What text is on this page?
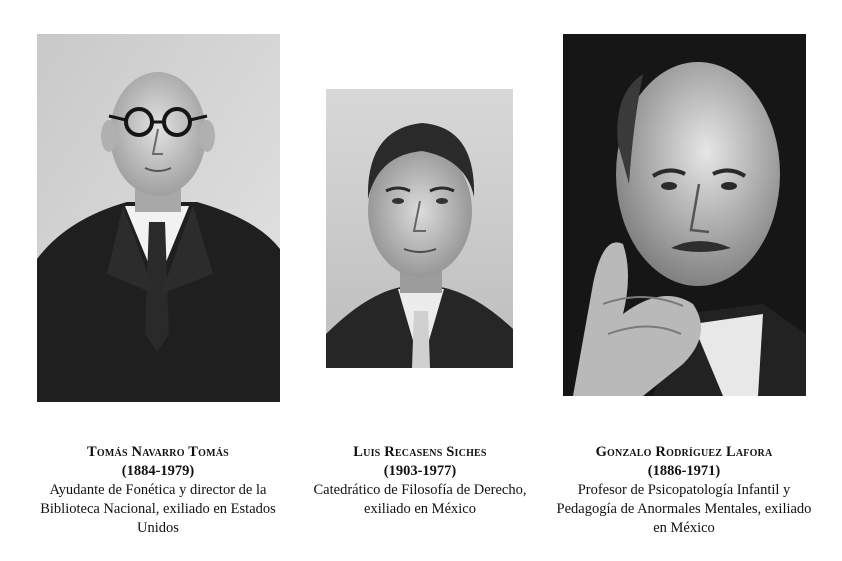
Tomás Navarro Tomás
(1884-1979)
Ayudante de Fonética y director de la Biblioteca Nacional, exiliado en Estados Unidos
Luis Recasens Siches
(1903-1977)
Catedrático de Filosofía de Derecho, exiliado en México
Gonzalo Rodríguez Lafora
(1886-1971)
Profesor de Psicopatología Infantil y Pedagogía de Anormales Mentales, exiliado en México
